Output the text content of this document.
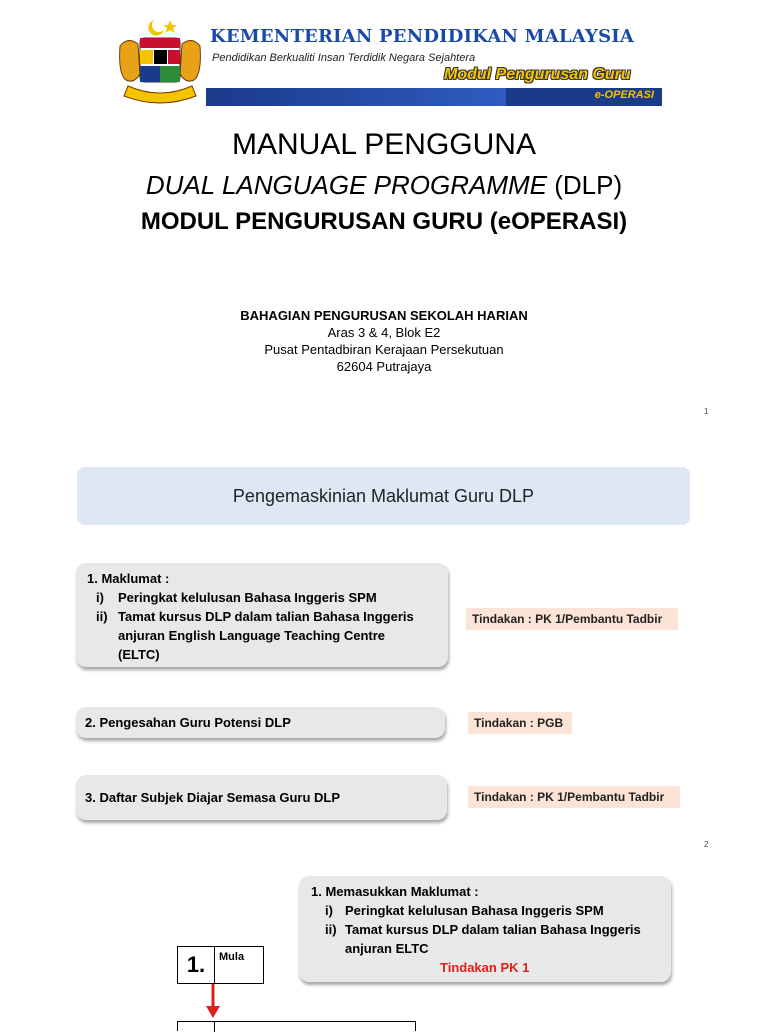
KEMENTERIAN PENDIDIKAN MALAYSIA
Pendidikan Berkualiti Insan Terdidik Negara Sejahtera
e-OPERASI
Modul Pengurusan Guru
MANUAL PENGGUNA
DUAL LANGUAGE PROGRAMME (DLP)
MODUL PENGURUSAN GURU (eOPERASI)
BAHAGIAN PENGURUSAN SEKOLAH HARIAN
Aras 3 & 4, Blok E2
Pusat Pentadbiran Kerajaan Persekutuan
62604 Putrajaya
1
Pengemaskinian Maklumat Guru DLP
1. Maklumat :
i) Peringkat kelulusan Bahasa Inggeris SPM
ii) Tamat kursus DLP dalam talian Bahasa Inggeris
anjuran English Language Teaching Centre
(ELTC)
Tindakan : PK 1/Pembantu Tadbir
2. Pengesahan Guru Potensi DLP	Tindakan : PGB
3. Daftar Subjek Diajar Semasa Guru DLP	Tindakan : PK 1/Pembantu Tadbir
2
1. Memasukkan Maklumat :
i) Peringkat kelulusan Bahasa Inggeris SPM
ii) Tamat kursus DLP dalam talian Bahasa Inggeris
anjuran ELTC
Tindakan PK 1
1.	Mula
